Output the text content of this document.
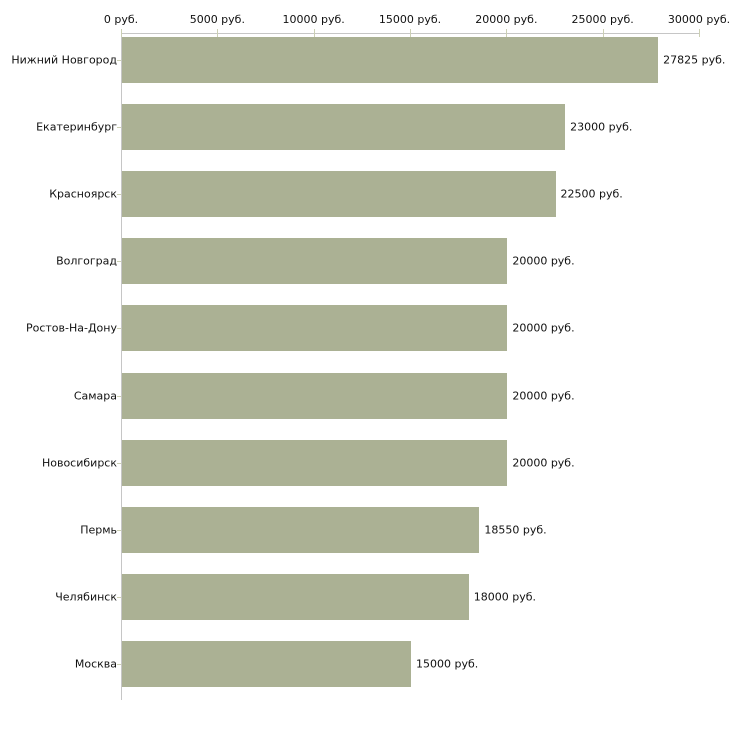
0 руб.	5000 руб.	10000 руб.	15000 руб.	20000 руб.	25000 руб.	30000 руб.
Нижний Новгород	27825 руб.
Екатеринбург	23000 руб.
Красноярск	22500 руб.
Волгоград	20000 руб.
Ростов-На-Дону	20000 руб.
Самара	20000 руб.
Новосибирск	20000 руб.
Пермь	18550 руб.
Челябинск	18000 руб.
Москва	15000 руб.
